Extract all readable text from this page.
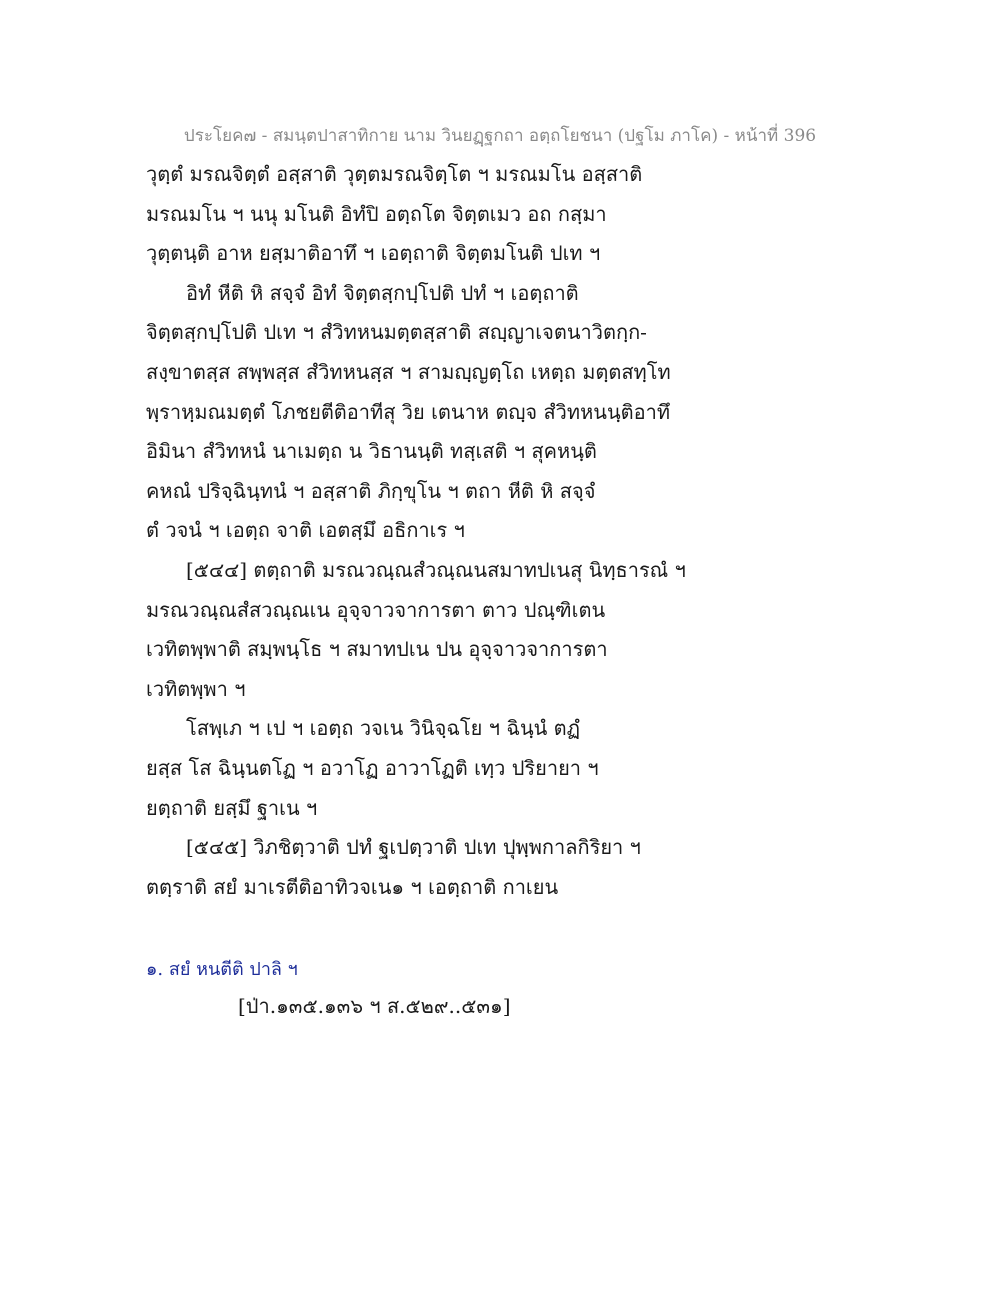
ประโยค๗ - สมนฺตปาสาทิกาย นาม วินยฏฺฐกถา อตฺถโยชนา (ปฐโม ภาโค) - หน้าที่ 396
วุตฺตํ มรณจิตฺตํ อสฺสาติ วุตฺตมรณจิตฺโต ฯ มรณมโน อสฺสาติ
มรณมโน ฯ นนุ มโนติ อิทํปิ อตฺถโต จิตฺตเมว อถ กสฺมา
วุตฺตนฺติ อาห ยสฺมาติอาทึ ฯ เอตฺถาติ จิตฺตมโนติ ปเท ฯ
อิทํ หีติ หิ สจฺจํ อิทํ จิตฺตสฺกปฺโปติ ปทํ ฯ เอตฺถาติ
จิตฺตสฺกปฺโปติ ปเท ฯ สํวิทหนมตฺตสฺสาติ สญฺญาเจตนาวิตกฺก-
สงฺขาตสฺส สพฺพสฺส สํวิทหนสฺส ฯ สามญฺญตฺโถ เหตฺถ มตฺตสทฺโท
พฺราหฺมณมตฺตํ โภชยตีติอาทีสุ วิย เตนาห ตญฺจ สํวิทหนนฺติอาทึ
อิมินา สํวิทหนํ นาเมตฺถ น วิธานนฺติ ทสฺเสติ ฯ สุคหนฺติ
คหณํ ปริจฺฉินฺทนํ ฯ อสฺสาติ ภิกฺขุโน ฯ ตถา หีติ หิ สจฺจํ
ตํ วจนํ ฯ เอตฺถ จาติ เอตสฺมึ อธิกาเร ฯ
[๕๔๔] ตตฺถาติ มรณวณฺณสํวณฺณนสมาทปเนสุ นิทฺธารณํ ฯ
มรณวณฺณสํสวณฺณเน อุจฺจาวจาการตา ตาว ปณฺฑิเตน
เวทิตพฺพาติ สมฺพนฺโธ ฯ สมาทปเน ปน อุจฺจาวจาการตา
เวทิตพฺพา ฯ
โสพฺเภ ฯ เป ฯ เอตฺถ วจเน วินิจฺฉโย ฯ ฉินฺนํ ตฏํ
ยสฺส โส ฉินฺนตโฏ ฯ อวาโฏ อาวาโฏติ เทฺว ปริยายา ฯ
ยตฺถาติ ยสฺมึ ฐาเน ฯ
[๕๔๕] วิภชิตฺวาติ ปทํ ฐเปตฺวาติ ปเท ปุพฺพกาลกิริยา ฯ
ตตฺราติ สยํ มาเรตีติอาทิวจเน๑ ฯ เอตฺถาติ กาเยน
๑. สยํ หนตีติ ปาลิ ฯ
[ป่า.๑๓๕.๑๓๖ ฯ ส.๕๒๙..๕๓๑]
